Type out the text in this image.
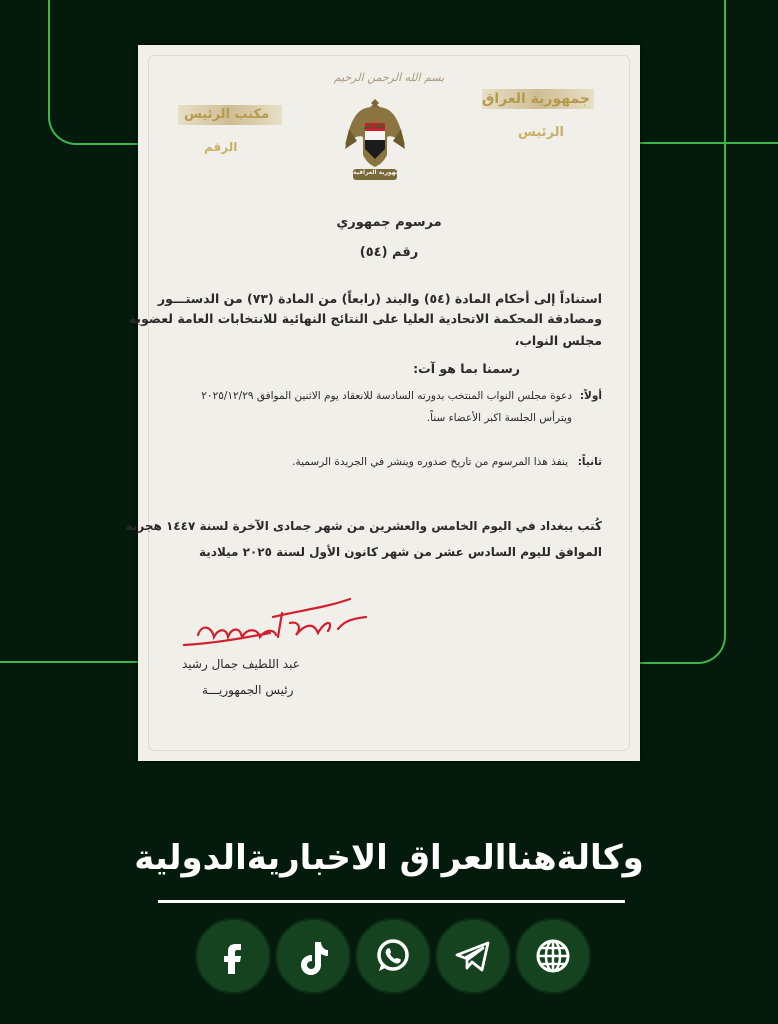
بسم الله الرحمن الرحيم
جمهورية العراق
الرئيس
مكتب الرئيس
الرقم
الله اكبر
الجمهورية العراقية
مرسوم جمهوري
رقم (٥٤)
استناداً إلى أحكام المادة (٥٤) والبند (رابعاً) من المادة (٧٣) من الدستـــور
ومصادقة المحكمة الاتحادية العليا على النتائج النهائية للانتخابات العامة لعضوية
مجلس النواب،
رسمنا بما هو آت:
أولاً:
دعوة مجلس النواب المنتخب بدورته السادسة للانعقاد يوم الاثنين الموافق ٢٠٢٥/١٢/٢٩
ويترأس الجلسة اكبر الأعضاء سناً.
ثانياً:
ينفذ هذا المرسوم من تاريخ صدوره وينشر في الجريدة الرسمية.
كُتب ببغداد في اليوم الخامس والعشرين من شهر جمادى الآخرة لسنة ١٤٤٧ هجرية
الموافق لليوم السادس عشر من شهر كانون الأول لسنة ٢٠٢٥ ميلادية
عبد اللطيف جمال رشيد
رئيس الجمهوريـــة
وكالةهناالعراق الاخباريةالدولية
